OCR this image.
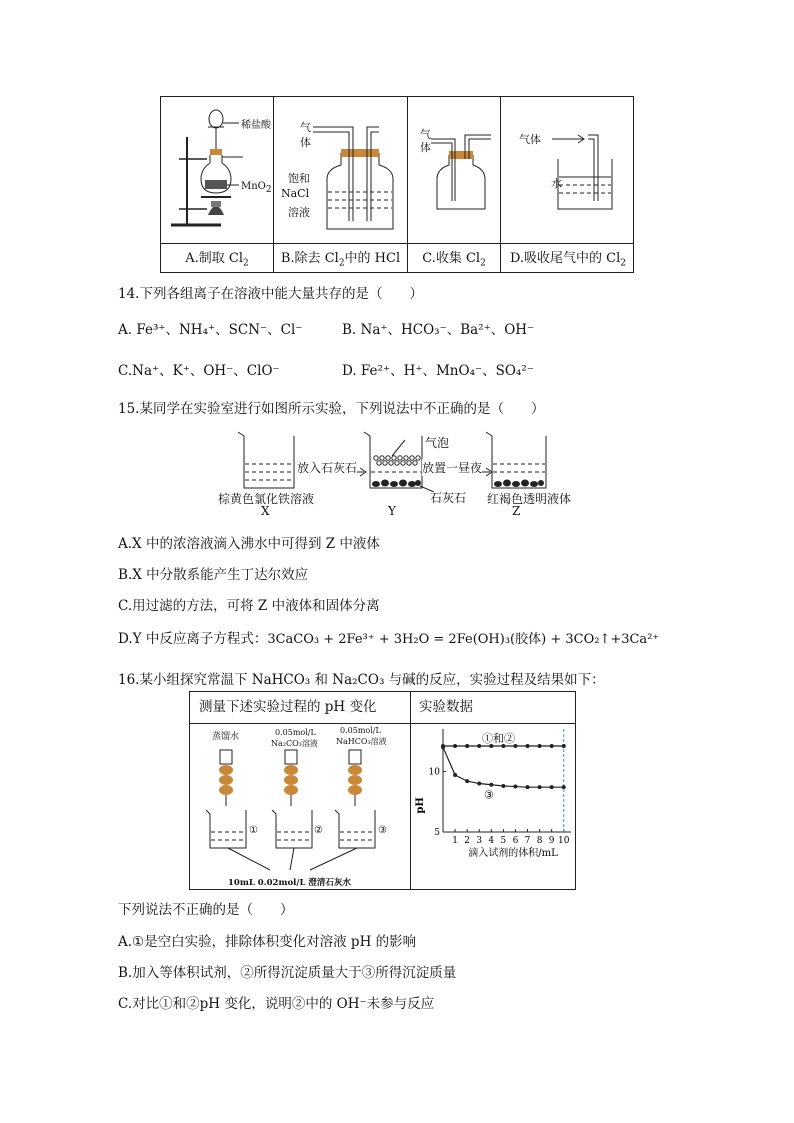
稀盐酸
MnO$_2$
气
体
饱和
NaCl
溶液
气
体
气体
水
A.制取 $Cl_2$	B.除去 $Cl_2$中的 HCl	C.收集 $Cl_2$	D.吸收尾气中的 $Cl_2$
14.下列各组离子在溶液中能大量共存的是（　　）
A. Fe³⁺、NH₄⁺、SCN⁻、Cl⁻	B. Na⁺、HCO₃⁻、Ba²⁺、OH⁻
C.Na⁺、K⁺、OH⁻、ClO⁻	D. Fe²⁺、H⁺、MnO₄⁻、SO₄²⁻
15.某同学在实验室进行如图所示实验，下列说法中不正确的是（　　）
放入石灰石	放置一昼夜
气泡
石灰石
棕黄色氯化铁溶液	红褐色透明液体
X	Y	Z
A.X 中的浓溶液滴入沸水中可得到 Z 中液体
B.X 中分散系能产生丁达尔效应
C.用过滤的方法，可将 Z 中液体和固体分离
D.Y 中反应离子方程式：3CaCO₃ + 2Fe³⁺ + 3H₂O = 2Fe(OH)₃(胶体) + 3CO₂↑+3Ca²⁺
16.某小组探究常温下 NaHCO₃ 和 Na₂CO₃ 与碱的反应，实验过程及结果如下：
测量下述实验过程的 pH 变化	实验数据
蒸馏水	0.05mol/L
Na₂CO₃溶液
0.05mol/L
NaHCO₃溶液
①	②	③
10mL 0.02mol/L 澄清石灰水
1 2 3 4 5 6 7 8 9 10
5
10
pH
滴入试剂的体积/mL
①和②
③
下列说法不正确的是（　　）
A.①是空白实验，排除体积变化对溶液 pH 的影响
B.加入等体积试剂，②所得沉淀质量大于③所得沉淀质量
C.对比①和②pH 变化，说明②中的 OH⁻未参与反应
